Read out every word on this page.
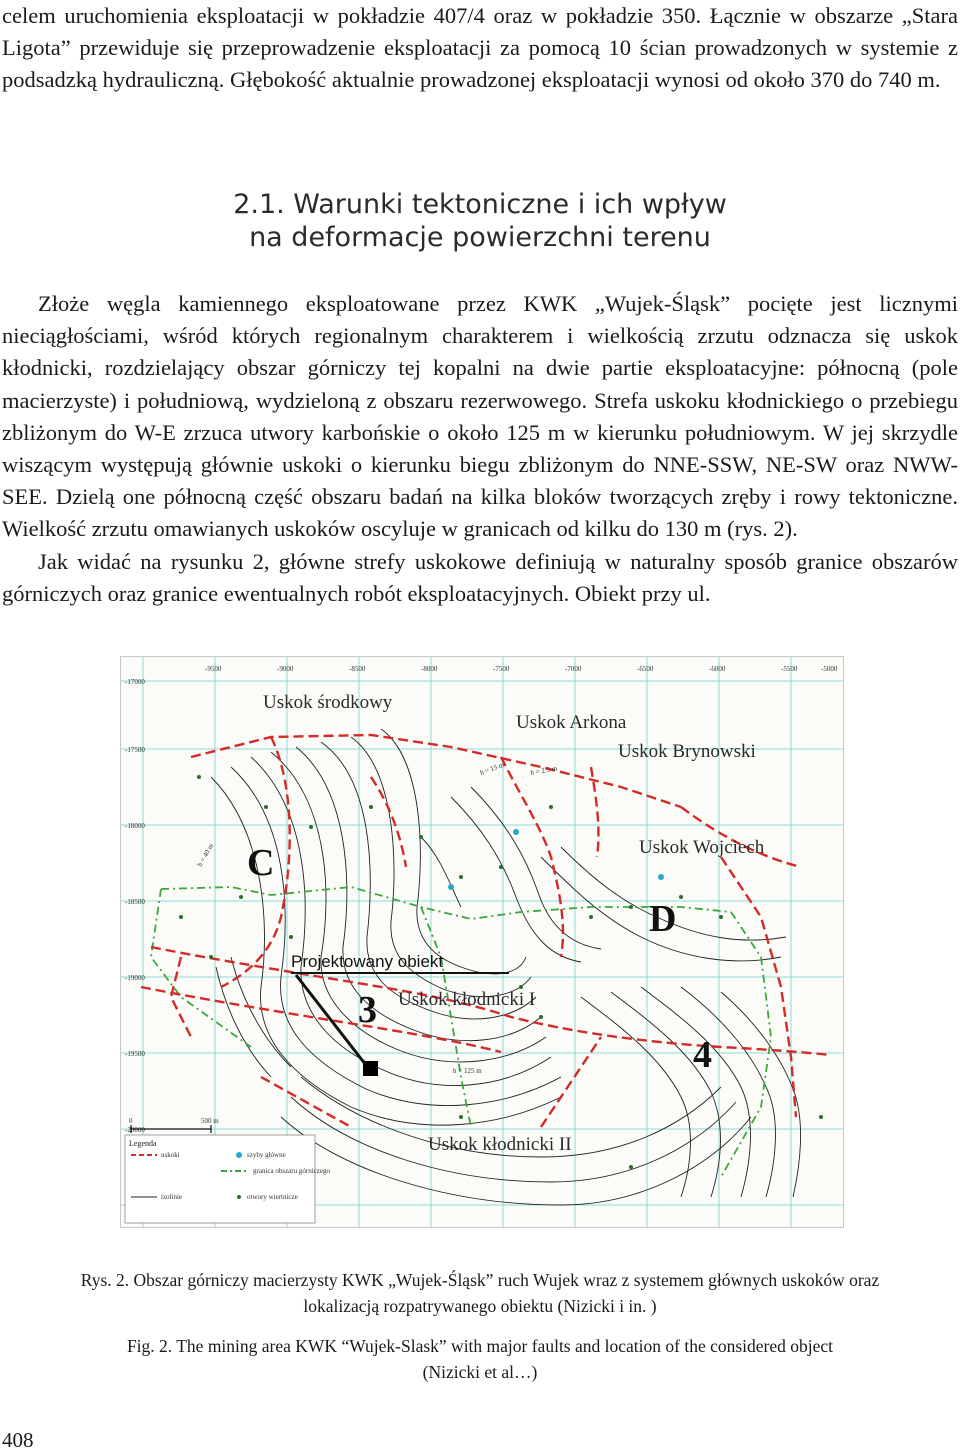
celem uruchomienia eksploatacji w pokładzie 407/4 oraz w pokładzie 350. Łącznie w obszarze „Stara Ligota” przewiduje się przeprowadzenie eksploatacji za pomocą 10 ścian prowadzonych w systemie z podsadzką hydrauliczną. Głębokość aktualnie prowadzonej eksploatacji wynosi od około 370 do 740 m.

2.1. Warunki tektoniczne i ich wpływ
na deformacje powierzchni terenu

Złoże węgla kamiennego eksploatowane przez KWK „Wujek-Śląsk” pocięte jest licznymi nieciągłościami, wśród których regionalnym charakterem i wielkością zrzutu odznacza się uskok kłodnicki, rozdzielający obszar górniczy tej kopalni na dwie partie eksploatacyjne: północną (pole macierzyste) i południową, wydzieloną z obszaru rezerwowego. Strefa uskoku kłodnickiego o przebiegu zbliżonym do W-E zrzuca utwory karbońskie o około 125 m w kierunku południowym. W jej skrzydle wiszącym występują głównie uskoki o kierunku biegu zbliżonym do NNE-SSW, NE-SW oraz NWW-SEE. Dzielą one północną część obszaru badań na kilka bloków tworzących zręby i rowy tektoniczne. Wielkość zrzutu omawianych uskoków oscyluje w granicach od kilku do 130 m (rys. 2).

Jak widać na rysunku 2, główne strefy uskokowe definiują w naturalny sposób granice obszarów górniczych oraz granice ewentualnych robót eksploatacyjnych. Obiekt przy ul.

-17000
-17500
-18000
-18500
-19000
-19500
-20000
-9500	-9000	-8500	-8000	-7500	-7000	-6500	-6000	-5500	-5000
Uskok środkowy
Uskok Arkona
Uskok Brynowski
Uskok Wojciech
Uskok kłodnicki I
Uskok kłodnicki II
h = 15 m	h = 2.5 m
h = 40 m
h = 125 m
C
D
3
4
Projektowany obiekt
0	500 m
Legenda
uskoki	szyby główne
granica obszaru górniczego
izolinie	otwory wiertnicze

Rys. 2. Obszar górniczy macierzysty KWK „Wujek-Śląsk” ruch Wujek wraz z systemem głównych uskoków oraz
lokalizacją rozpatrywanego obiektu (Nizicki i in. )

Fig. 2. The mining area KWK “Wujek-Slask” with major faults and location of the considered object
(Nizicki et al…)

408
